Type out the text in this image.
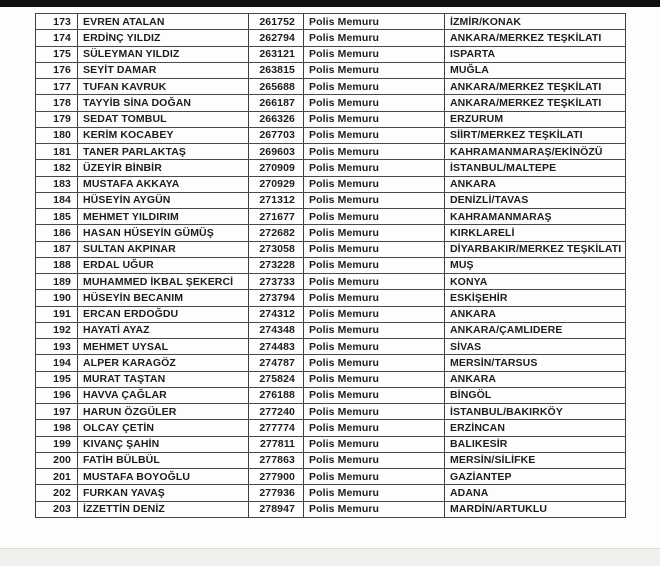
173	EVREN ATALAN	261752	Polis Memuru	İZMİR/KONAK
174	ERDİNÇ YILDIZ	262794	Polis Memuru	ANKARA/MERKEZ TEŞKİLATI
175	SÜLEYMAN YILDIZ	263121	Polis Memuru	ISPARTA
176	SEYİT DAMAR	263815	Polis Memuru	MUĞLA
177	TUFAN KAVRUK	265688	Polis Memuru	ANKARA/MERKEZ TEŞKİLATI
178	TAYYİB SİNA DOĞAN	266187	Polis Memuru	ANKARA/MERKEZ TEŞKİLATI
179	SEDAT TOMBUL	266326	Polis Memuru	ERZURUM
180	KERİM KOCABEY	267703	Polis Memuru	SİİRT/MERKEZ TEŞKİLATI
181	TANER PARLAKTAŞ	269603	Polis Memuru	KAHRAMANMARAŞ/EKİNÖZÜ
182	ÜZEYİR BİNBİR	270909	Polis Memuru	İSTANBUL/MALTEPE
183	MUSTAFA AKKAYA	270929	Polis Memuru	ANKARA
184	HÜSEYİN AYGÜN	271312	Polis Memuru	DENİZLİ/TAVAS
185	MEHMET YILDIRIM	271677	Polis Memuru	KAHRAMANMARAŞ
186	HASAN HÜSEYİN GÜMÜŞ	272682	Polis Memuru	KIRKLARELİ
187	SULTAN AKPINAR	273058	Polis Memuru	DİYARBAKIR/MERKEZ TEŞKİLATI
188	ERDAL UĞUR	273228	Polis Memuru	MUŞ
189	MUHAMMED İKBAL ŞEKERCİ	273733	Polis Memuru	KONYA
190	HÜSEYİN BECANIM	273794	Polis Memuru	ESKİŞEHİR
191	ERCAN ERDOĞDU	274312	Polis Memuru	ANKARA
192	HAYATİ AYAZ	274348	Polis Memuru	ANKARA/ÇAMLIDERE
193	MEHMET UYSAL	274483	Polis Memuru	SİVAS
194	ALPER KARAGÖZ	274787	Polis Memuru	MERSİN/TARSUS
195	MURAT TAŞTAN	275824	Polis Memuru	ANKARA
196	HAVVA ÇAĞLAR	276188	Polis Memuru	BİNGÖL
197	HARUN ÖZGÜLER	277240	Polis Memuru	İSTANBUL/BAKIRKÖY
198	OLCAY ÇETİN	277774	Polis Memuru	ERZİNCAN
199	KIVANÇ ŞAHİN	277811	Polis Memuru	BALIKESİR
200	FATİH BÜLBÜL	277863	Polis Memuru	MERSİN/SİLİFKE
201	MUSTAFA BOYOĞLU	277900	Polis Memuru	GAZİANTEP
202	FURKAN YAVAŞ	277936	Polis Memuru	ADANA
203	İZZETTİN DENİZ	278947	Polis Memuru	MARDİN/ARTUKLU
